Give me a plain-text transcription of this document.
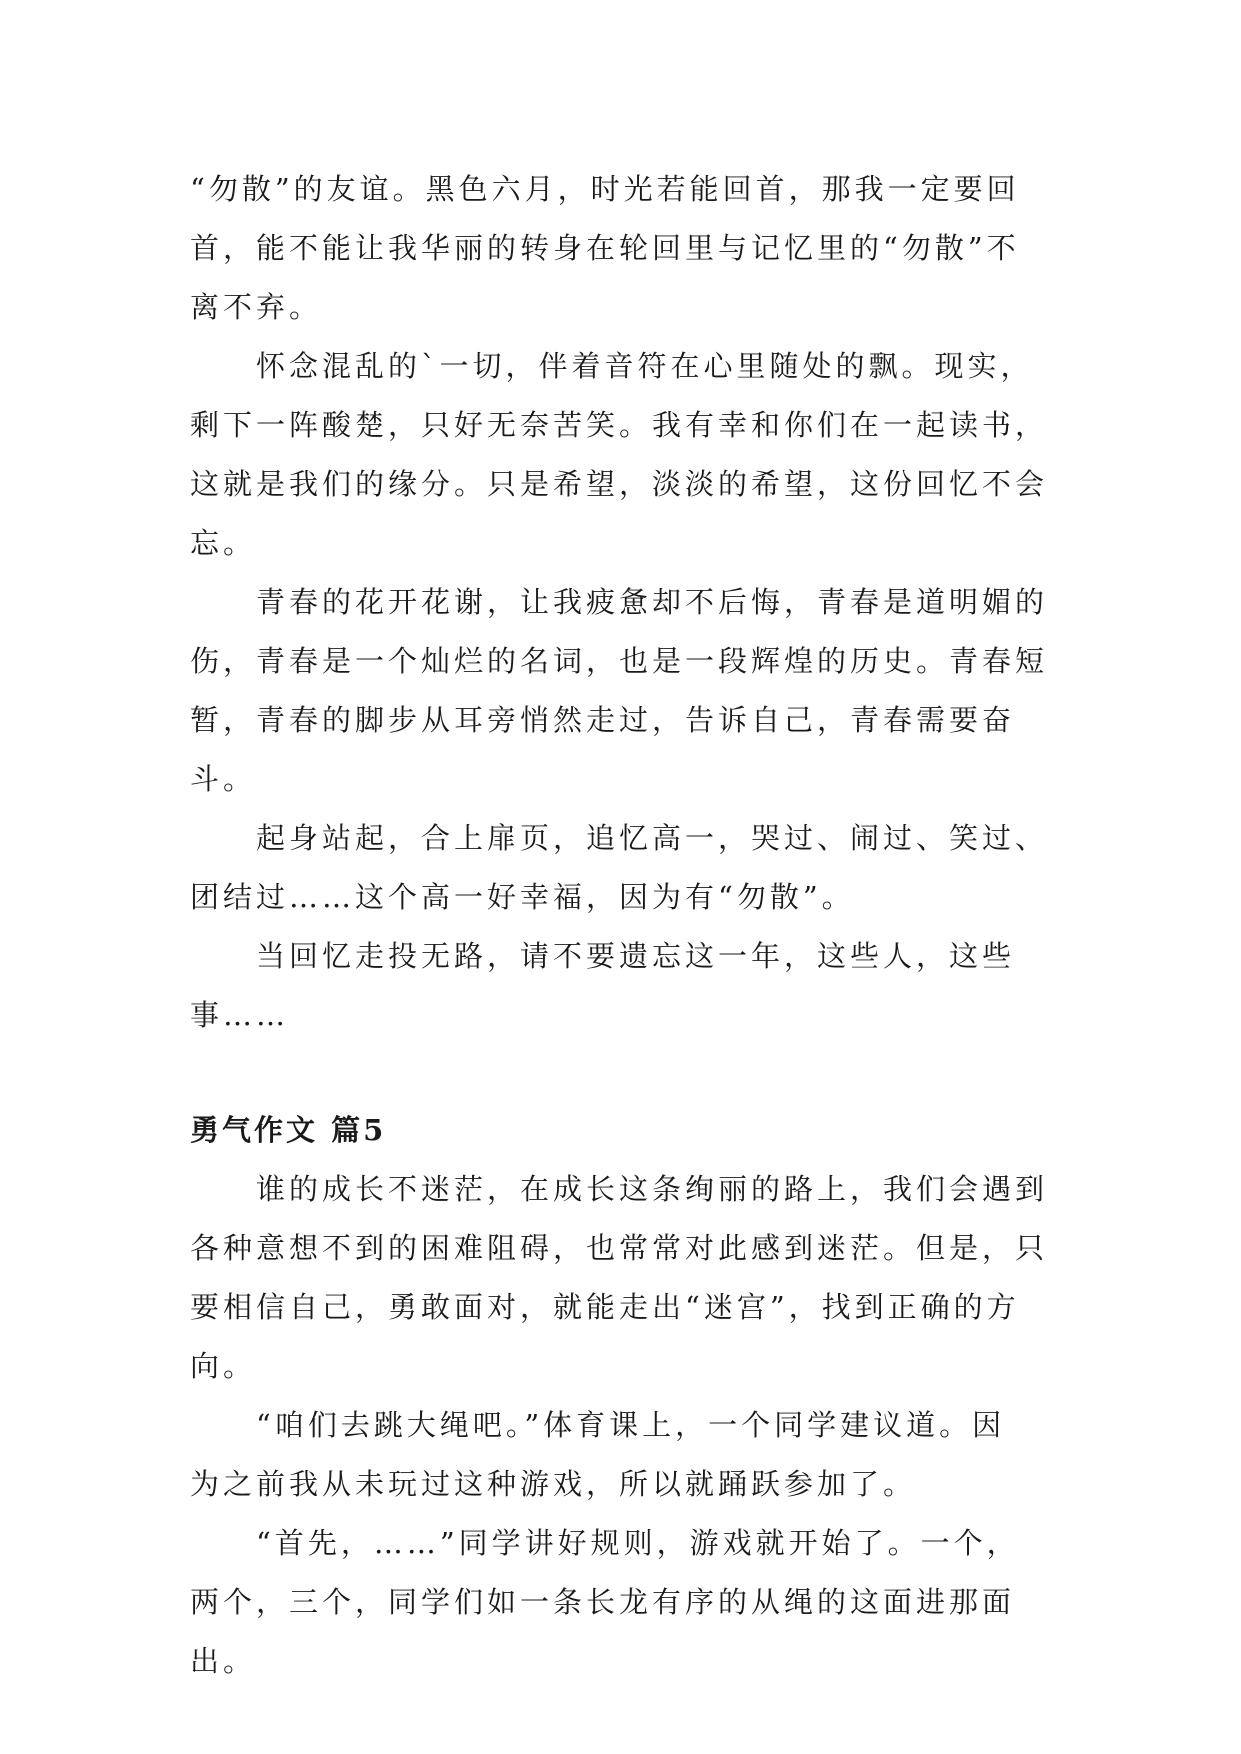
“勿散”的友谊。黑色六月，时光若能回首，那我一定要回
首，能不能让我华丽的转身在轮回里与记忆里的“勿散”不
离不弃。

怀念混乱的`一切，伴着音符在心里随处的飘。现实，
剩下一阵酸楚，只好无奈苦笑。我有幸和你们在一起读书，
这就是我们的缘分。只是希望，淡淡的希望，这份回忆不会
忘。

青春的花开花谢，让我疲惫却不后悔，青春是道明媚的
伤，青春是一个灿烂的名词，也是一段辉煌的历史。青春短
暂，青春的脚步从耳旁悄然走过，告诉自己，青春需要奋斗。

起身站起，合上扉页，追忆高一，哭过、闹过、笑过、
团结过……这个高一好幸福，因为有“勿散”。

当回忆走投无路，请不要遗忘这一年，这些人，这些
事……

勇气作文 篇5

谁的成长不迷茫，在成长这条绚丽的路上，我们会遇到
各种意想不到的困难阻碍，也常常对此感到迷茫。但是，只
要相信自己，勇敢面对，就能走出“迷宫”，找到正确的方
向。

“咱们去跳大绳吧。”体育课上，一个同学建议道。因
为之前我从未玩过这种游戏，所以就踊跃参加了。

“首先，……”同学讲好规则，游戏就开始了。一个，
两个，三个，同学们如一条长龙有序的从绳的这面进那面出。
